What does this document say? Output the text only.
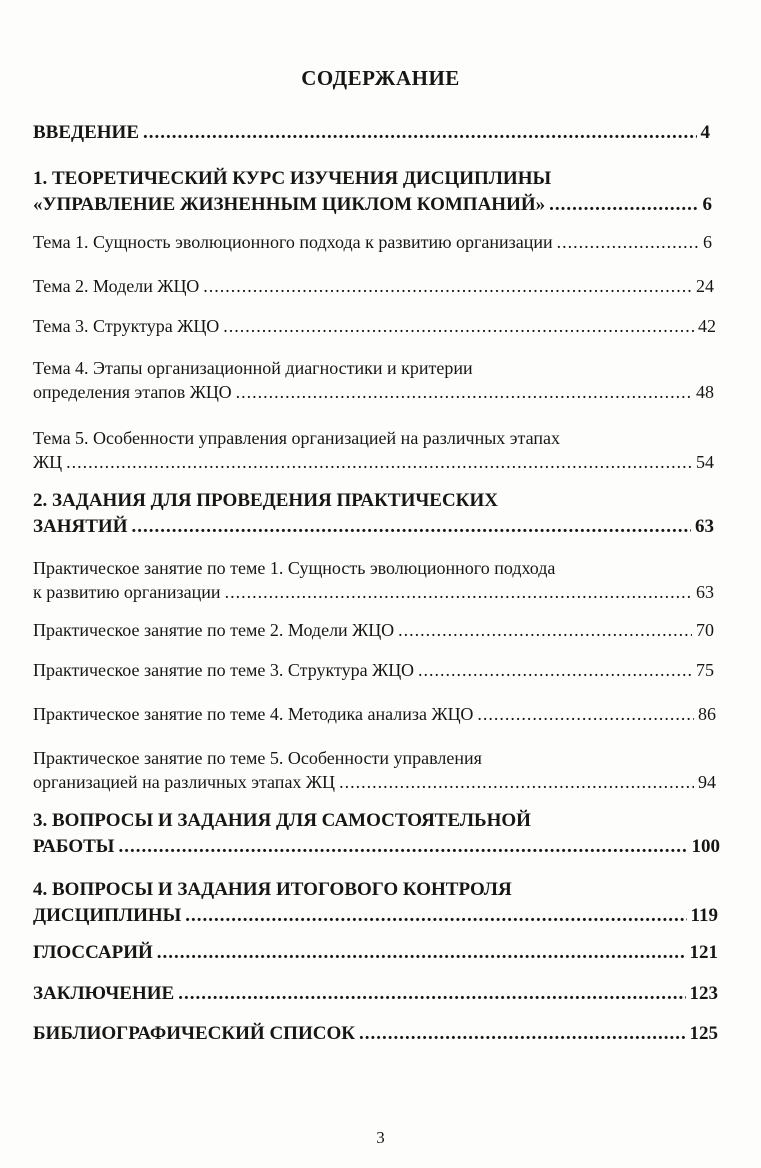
СОДЕРЖАНИЕ
ВВЕДЕНИЕ .....	4
1. ТЕОРЕТИЧЕСКИЙ КУРС ИЗУЧЕНИЯ ДИСЦИПЛИНЫ
«УПРАВЛЕНИЕ ЖИЗНЕННЫМ ЦИКЛОМ КОМПАНИЙ» .....	6
Тема 1. Сущность эволюционного подхода к развитию организации .....	6
Тема 2. Модели ЖЦО .....	24
Тема 3. Структура ЖЦО .....	42
Тема 4. Этапы организационной диагностики и критерии
определения этапов ЖЦО .....	48
Тема 5. Особенности управления организацией на различных этапах
ЖЦ .....	54
2. ЗАДАНИЯ ДЛЯ ПРОВЕДЕНИЯ ПРАКТИЧЕСКИХ
ЗАНЯТИЙ .....	63
Практическое занятие по теме 1. Сущность эволюционного подхода
к развитию организации .....	63
Практическое занятие по теме 2. Модели ЖЦО .....	70
Практическое занятие по теме 3. Структура ЖЦО .....	75
Практическое занятие по теме 4. Методика анализа ЖЦО .....	86
Практическое занятие по теме 5. Особенности управления
организацией на различных этапах ЖЦ .....	94
3. ВОПРОСЫ И ЗАДАНИЯ ДЛЯ САМОСТОЯТЕЛЬНОЙ
РАБОТЫ .....	100
4. ВОПРОСЫ И ЗАДАНИЯ ИТОГОВОГО КОНТРОЛЯ
ДИСЦИПЛИНЫ .....	119
ГЛОССАРИЙ .....	121
ЗАКЛЮЧЕНИЕ .....	123
БИБЛИОГРАФИЧЕСКИЙ СПИСОК .....	125
3
